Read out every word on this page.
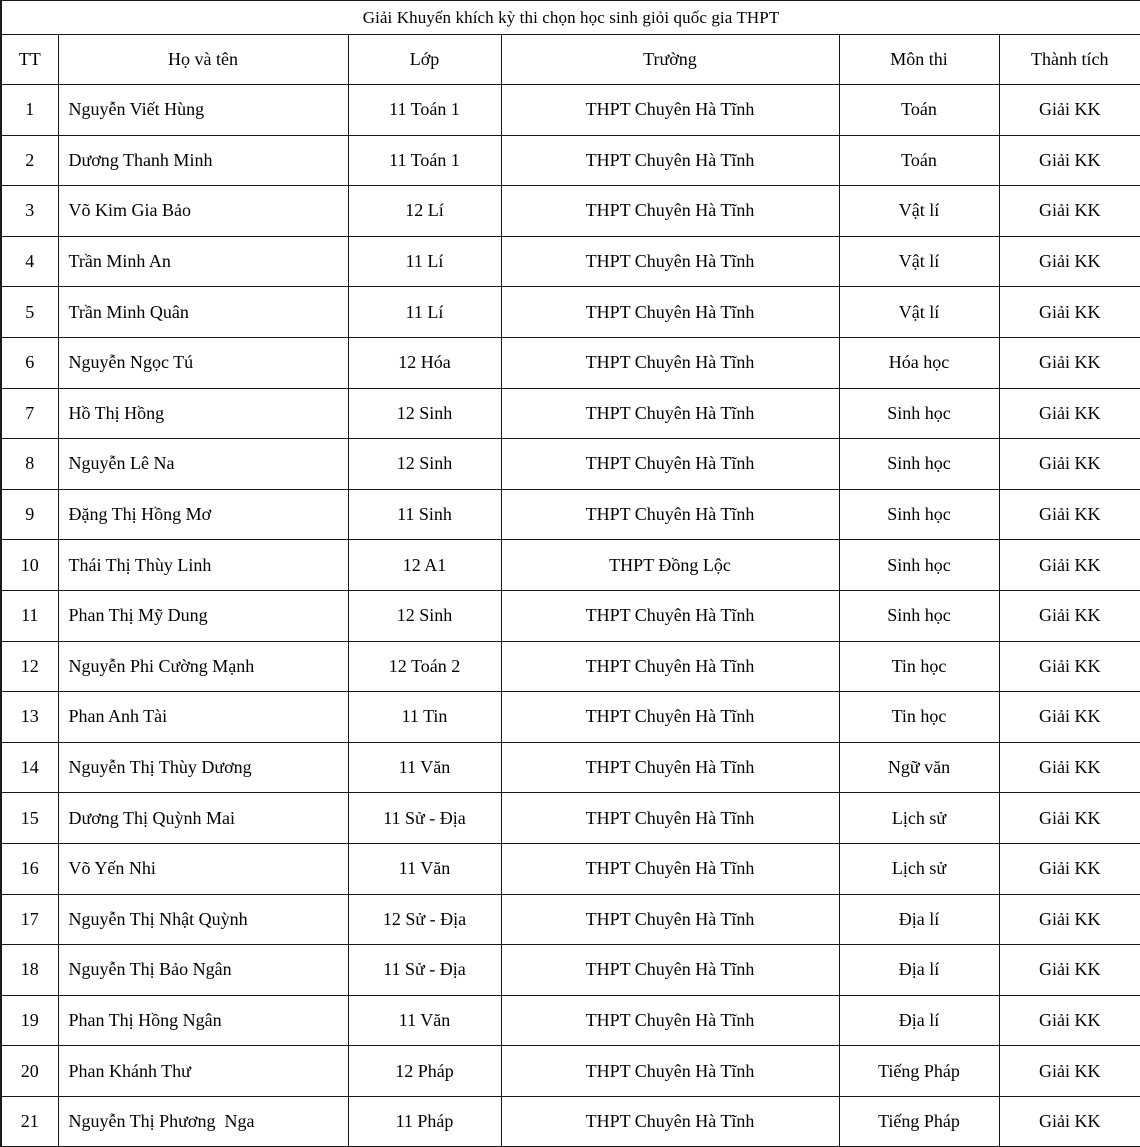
Giải Khuyến khích kỳ thi chọn học sinh giỏi quốc gia THPT					
TT	Họ và tên	Lớp	Trường	Môn thi	Thành tích
1	Nguyễn Viết Hùng	11 Toán 1	THPT Chuyên Hà Tĩnh	Toán	Giải KK
2	Dương Thanh Minh	11 Toán 1	THPT Chuyên Hà Tĩnh	Toán	Giải KK
3	Võ Kim Gia Bảo	12 Lí	THPT Chuyên Hà Tĩnh	Vật lí	Giải KK
4	Trần Minh An	11 Lí	THPT Chuyên Hà Tĩnh	Vật lí	Giải KK
5	Trần Minh Quân	11 Lí	THPT Chuyên Hà Tĩnh	Vật lí	Giải KK
6	Nguyễn Ngọc Tú	12 Hóa	THPT Chuyên Hà Tĩnh	Hóa học	Giải KK
7	Hồ Thị Hồng	12 Sinh	THPT Chuyên Hà Tĩnh	Sinh học	Giải KK
8	Nguyễn Lê Na	12 Sinh	THPT Chuyên Hà Tĩnh	Sinh học	Giải KK
9	Đặng Thị Hồng Mơ	11 Sinh	THPT Chuyên Hà Tĩnh	Sinh học	Giải KK
10	Thái Thị Thùy Linh	12 A1	THPT Đồng Lộc	Sinh học	Giải KK
11	Phan Thị Mỹ Dung	12 Sinh	THPT Chuyên Hà Tĩnh	Sinh học	Giải KK
12	Nguyễn Phi Cường Mạnh	12 Toán 2	THPT Chuyên Hà Tĩnh	Tin học	Giải KK
13	Phan Anh Tài	11 Tin	THPT Chuyên Hà Tĩnh	Tin học	Giải KK
14	Nguyễn Thị Thùy Dương	11 Văn	THPT Chuyên Hà Tĩnh	Ngữ văn	Giải KK
15	Dương Thị Quỳnh Mai	11 Sử - Địa	THPT Chuyên Hà Tĩnh	Lịch sử	Giải KK
16	Võ Yến Nhi	11 Văn	THPT Chuyên Hà Tĩnh	Lịch sử	Giải KK
17	Nguyễn Thị Nhật Quỳnh	12 Sử - Địa	THPT Chuyên Hà Tĩnh	Địa lí	Giải KK
18	Nguyễn Thị Bảo Ngân	11 Sử - Địa	THPT Chuyên Hà Tĩnh	Địa lí	Giải KK
19	Phan Thị Hồng Ngân	11 Văn	THPT Chuyên Hà Tĩnh	Địa lí	Giải KK
20	Phan Khánh Thư	12 Pháp	THPT Chuyên Hà Tĩnh	Tiếng Pháp	Giải KK
21	Nguyễn Thị Phương  Nga	11 Pháp	THPT Chuyên Hà Tĩnh	Tiếng Pháp	Giải KK
